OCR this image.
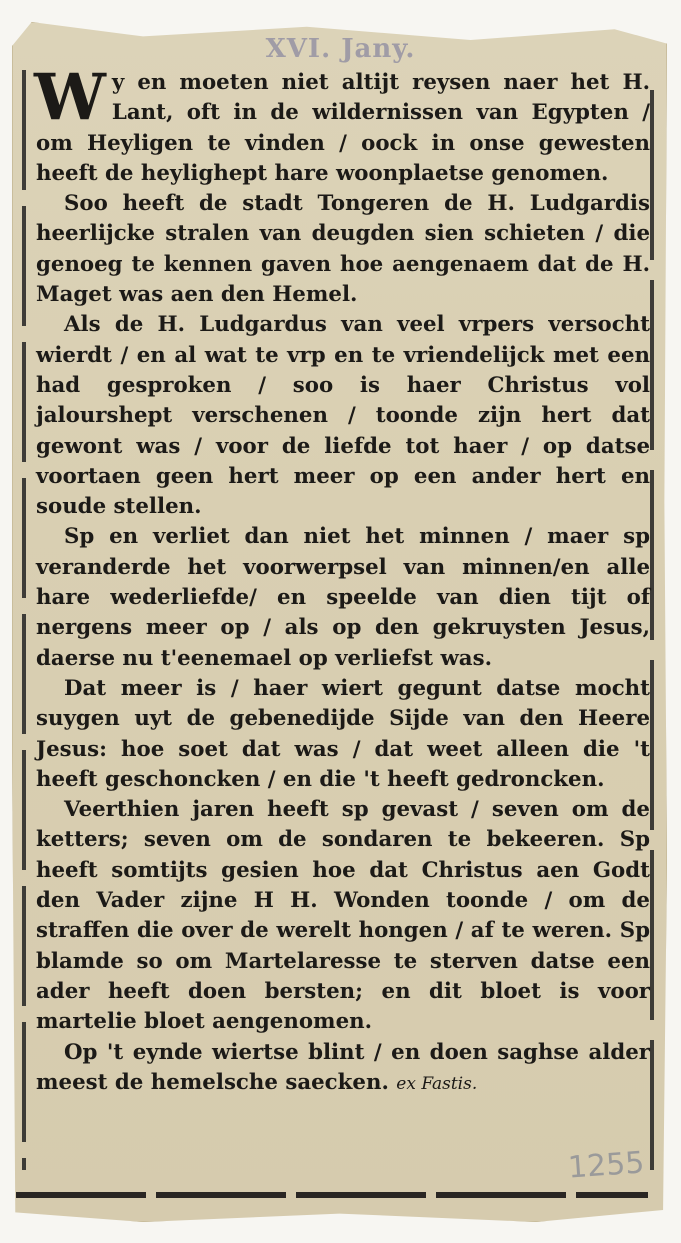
XVI. Jany.

Wy en moeten niet altijt reysen naer het H. Lant, oft in de wildernissen van Egypten / om Heyligen te vinden / oock in onse gewesten heeft de heylighept hare woonplaetse genomen.

Soo heeft de stadt Tongeren de H. Ludgardis heerlijcke stralen van deugden sien schieten / die genoeg te kennen gaven hoe aengenaem dat de H. Maget was aen den Hemel.

Als de H. Ludgardus van veel vrpers versocht wierdt / en al wat te vrp en te vriendelijck met een had gesproken / soo is haer Christus vol jalourshept verschenen / toonde zijn hert dat gewont was / voor de liefde tot haer / op datse voortaen geen hert meer op een ander hert en soude stellen.

Sp en verliet dan niet het minnen / maer sp veranderde het voorwerpsel van minnen/en alle hare wederliefde/ en speelde van dien tijt of nergens meer op / als op den gekruysten Jesus, daerse nu t'eenemael op verliefst was.

Dat meer is / haer wiert gegunt datse mocht suygen uyt de gebenedijde Sijde van den Heere Jesus: hoe soet dat was / dat weet alleen die 't heeft geschoncken / en die 't heeft gedroncken.

Veerthien jaren heeft sp gevast / seven om de ketters; seven om de sondaren te bekeeren. Sp heeft somtijts gesien hoe dat Christus aen Godt den Vader zijne H H. Wonden toonde / om de straffen die over de werelt hongen / af te weren. Sp blamde so om Martelaresse te sterven datse een ader heeft doen bersten; en dit bloet is voor martelie bloet aengenomen.

Op 't eynde wiertse blint / en doen saghse alder meest de hemelsche saecken. ex Fastis.

1255
